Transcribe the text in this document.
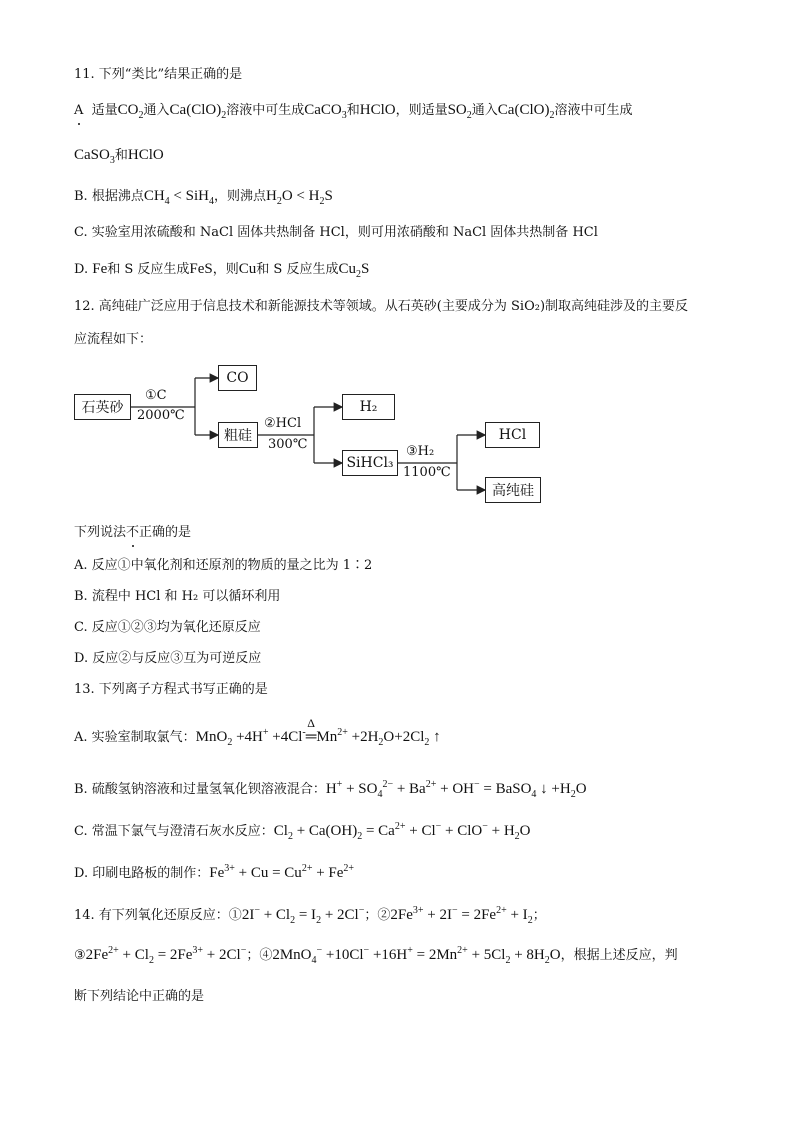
11. 下列“类比”结果正确的是
A 适量$CO_2$通入$Ca(ClO)_2$溶液中可生成CaCO$_3$和HClO，则适量$SO_2$通入$Ca(ClO)_2$溶液中可生成
CaSO$_3$和HClO
B. 根据沸点$CH_4 < SiH_4$，则沸点$H_2O < H_2S$
C. 实验室用浓硫酸和 NaCl 固体共热制备 HCl，则可用浓硝酸和 NaCl 固体共热制备 HCl
D. Fe和 S 反应生成FeS，则Cu和 S 反应生成$Cu_2S$
12. 高纯硅广泛应用于信息技术和新能源技术等领域。从石英砂(主要成分为 SiO₂)制取高纯硅涉及的主要反
应流程如下：
石英砂
CO
粗硅
H₂
SiHCl₃
HCl
高纯硅
①C
2000℃
②HCl
300℃	③H₂
1100℃
下列说法不正确的是
A. 反应①中氧化剂和还原剂的物质的量之比为 1∶2
B. 流程中 HCl 和 H₂ 可以循环利用
C. 反应①②③均为氧化还原反应
D. 反应②与反应③互为可逆反应
13. 下列离子方程式书写正确的是
A. 实验室制取氯气：MnO$_2$ +4H+ +4Cl-
Δ
$═Mn^{2+} +2H_2O+2Cl_2$ ↑
B. 硫酸氢钠溶液和过量氢氧化钡溶液混合：$H^+ + SO_4^{2-} + Ba^{2+} + OH^-$ = BaSO$_4$ ↓ $+H_2O$
C. 常温下氯气与澄清石灰水反应：$Cl_2 + Ca(OH)_2 = Ca^{2+} + Cl^- + ClO^- + H_2O$
D. 印刷电路板的制作：$Fe^{3+} + Cu = Cu^{2+} + Fe^{2+}$
14. 有下列氧化还原反应：①2I− + $Cl_2 = I_2 + 2Cl^-$；$②2Fe^{3+} + 2I^- = 2Fe^{2+} + I_2$；
$③2Fe^{2+} + Cl_2 = 2Fe^{3+} + 2Cl^-$；④2MnO$_4$− $+10Cl^- +16H^+ = 2Mn^{2+} + 5Cl_2 + 8H_2O$，根据上述反应，判
断下列结论中正确的是
